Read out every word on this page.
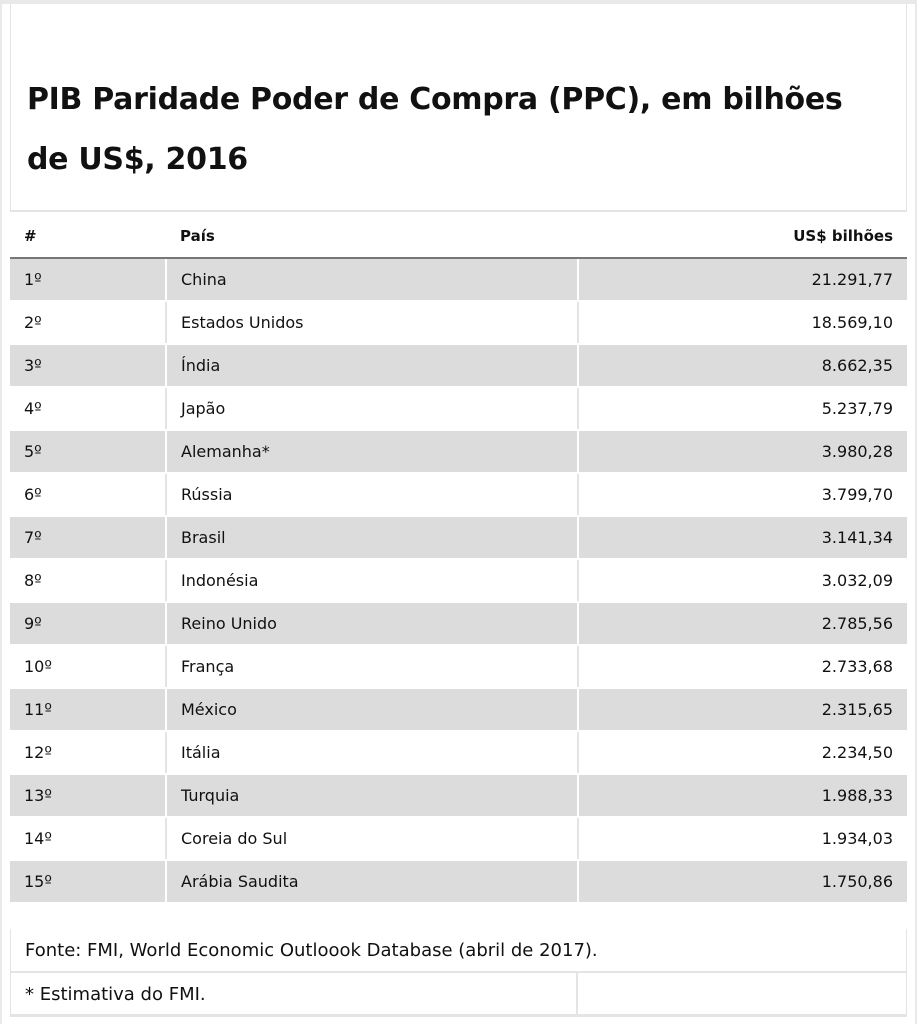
PIB Paridade Poder de Compra (PPC), em bilhões de US$, 2016
#	País	US$ bilhões
1º	China	21.291,77
2º	Estados Unidos	18.569,10
3º	Índia	8.662,35
4º	Japão	5.237,79
5º	Alemanha*	3.980,28
6º	Rússia	3.799,70
7º	Brasil	3.141,34
8º	Indonésia	3.032,09
9º	Reino Unido	2.785,56
10º	França	2.733,68
11º	México	2.315,65
12º	Itália	2.234,50
13º	Turquia	1.988,33
14º	Coreia do Sul	1.934,03
15º	Arábia Saudita	1.750,86
Fonte: FMI, World Economic Outloook Database (abril de 2017).
* Estimativa do FMI.
